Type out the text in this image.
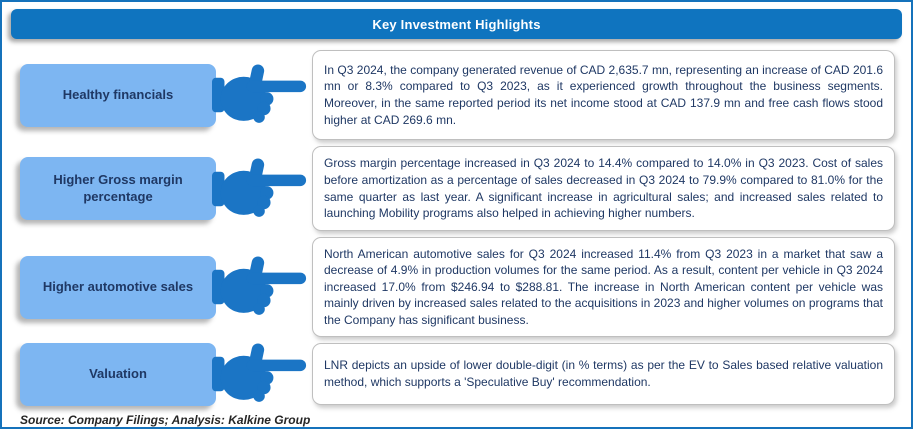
Key Investment Highlights
Healthy financials

In Q3 2024, the company generated revenue of CAD 2,635.7 mn, representing an increase of CAD 201.6 mn or 8.3% compared to Q3 2023, as it experienced growth throughout the business segments. Moreover, in the same reported period its net income stood at CAD 137.9 mn and free cash flows stood higher at CAD 269.6 mn.

Higher Gross margin percentage

Gross margin percentage increased in Q3 2024 to 14.4% compared to 14.0% in Q3 2023. Cost of sales before amortization as a percentage of sales decreased in Q3 2024 to 79.9% compared to 81.0% for the same quarter as last year. A significant increase in agricultural sales; and increased sales related to launching Mobility programs also helped in achieving higher numbers.

Higher automotive sales

North American automotive sales for Q3 2024 increased 11.4% from Q3 2023 in a market that saw a decrease of 4.9% in production volumes for the same period. As a result, content per vehicle in Q3 2024 increased 17.0% from $246.94 to $288.81. The increase in North American content per vehicle was mainly driven by increased sales related to the acquisitions in 2023 and higher volumes on programs that the Company has significant business.

Valuation

LNR depicts an upside of lower double-digit (in % terms) as per the EV to Sales based relative valuation method, which supports a 'Speculative Buy' recommendation.

Source: Company Filings; Analysis: Kalkine Group
